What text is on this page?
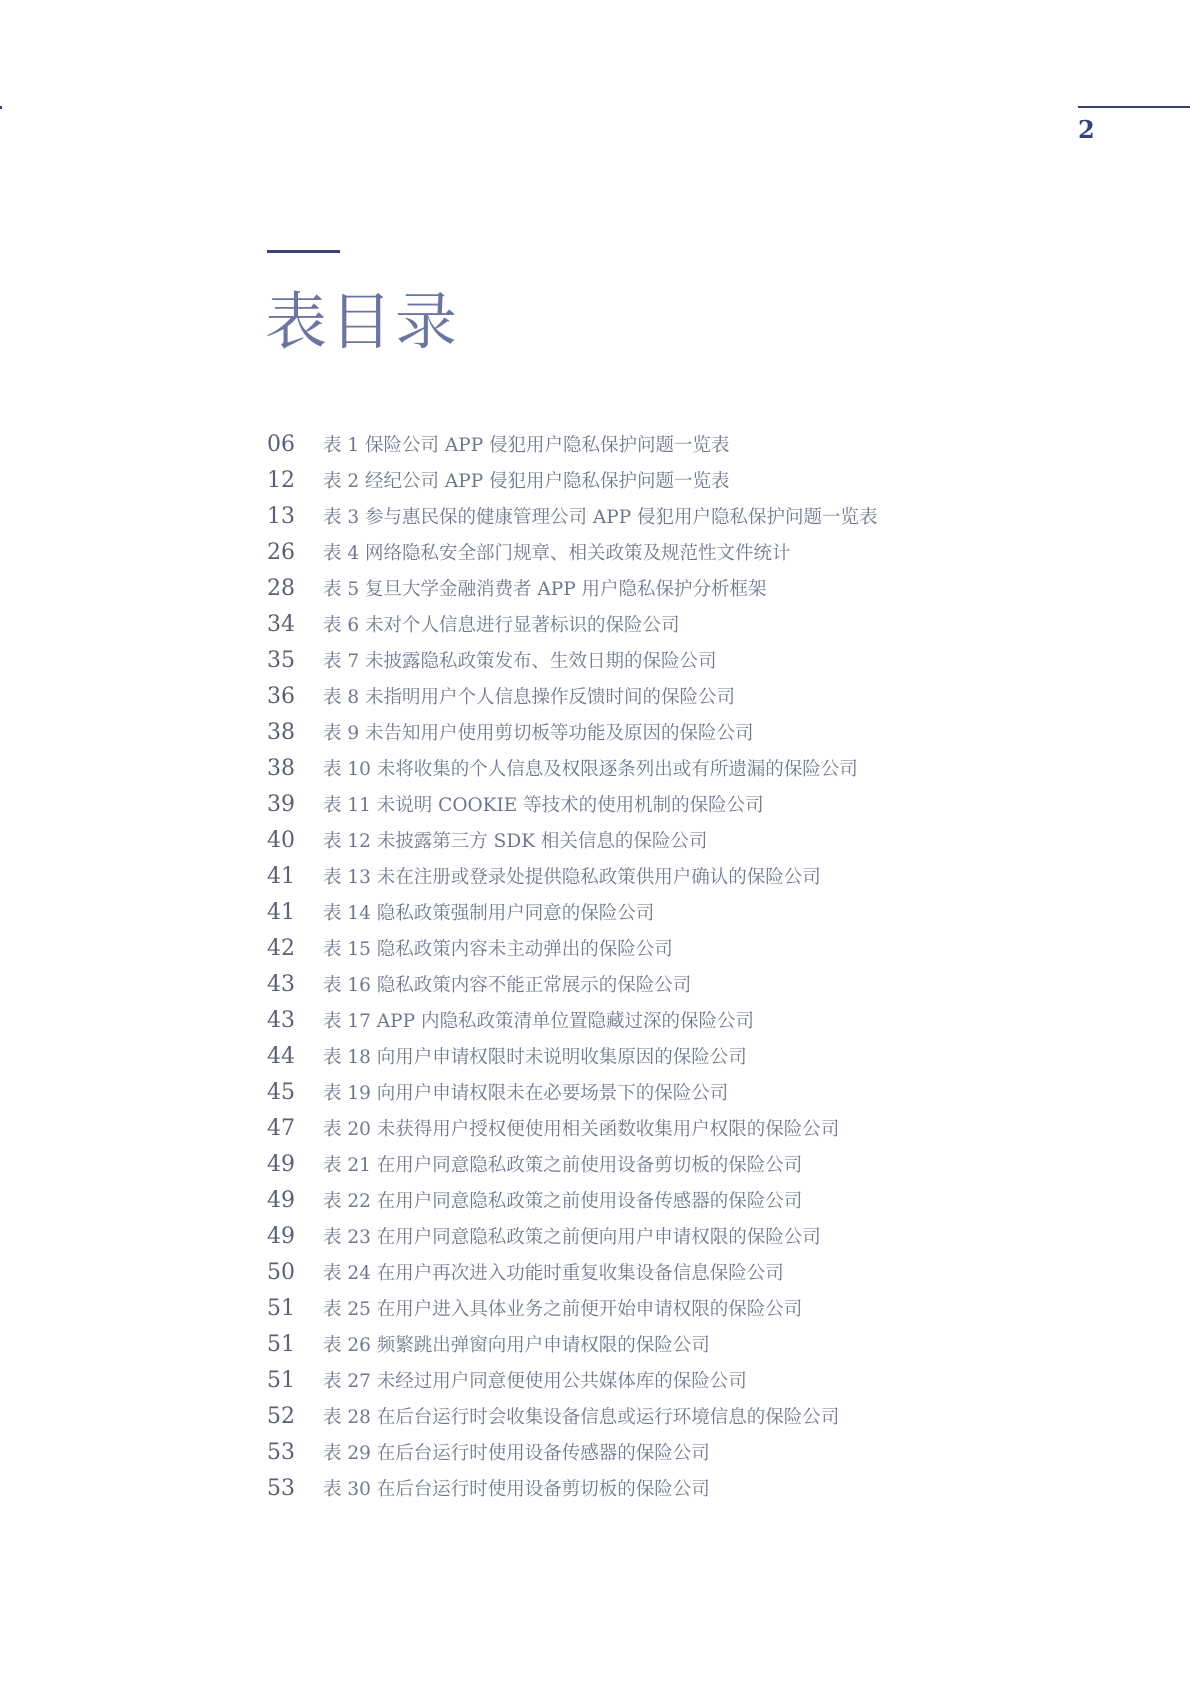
2
表目录
06	表 1 保险公司 APP 侵犯用户隐私保护问题一览表
12	表 2 经纪公司 APP 侵犯用户隐私保护问题一览表
13	表 3 参与惠民保的健康管理公司 APP 侵犯用户隐私保护问题一览表
26	表 4 网络隐私安全部门规章、相关政策及规范性文件统计
28	表 5 复旦大学金融消费者 APP 用户隐私保护分析框架
34	表 6 未对个人信息进行显著标识的保险公司
35	表 7 未披露隐私政策发布、生效日期的保险公司
36	表 8 未指明用户个人信息操作反馈时间的保险公司
38	表 9 未告知用户使用剪切板等功能及原因的保险公司
38	表 10 未将收集的个人信息及权限逐条列出或有所遗漏的保险公司
39	表 11 未说明 COOKIE 等技术的使用机制的保险公司
40	表 12 未披露第三方 SDK 相关信息的保险公司
41	表 13 未在注册或登录处提供隐私政策供用户确认的保险公司
41	表 14 隐私政策强制用户同意的保险公司
42	表 15 隐私政策内容未主动弹出的保险公司
43	表 16 隐私政策内容不能正常展示的保险公司
43	表 17 APP 内隐私政策清单位置隐藏过深的保险公司
44	表 18 向用户申请权限时未说明收集原因的保险公司
45	表 19 向用户申请权限未在必要场景下的保险公司
47	表 20 未获得用户授权便使用相关函数收集用户权限的保险公司
49	表 21 在用户同意隐私政策之前使用设备剪切板的保险公司
49	表 22 在用户同意隐私政策之前使用设备传感器的保险公司
49	表 23 在用户同意隐私政策之前便向用户申请权限的保险公司
50	表 24 在用户再次进入功能时重复收集设备信息保险公司
51	表 25 在用户进入具体业务之前便开始申请权限的保险公司
51	表 26 频繁跳出弹窗向用户申请权限的保险公司
51	表 27 未经过用户同意便使用公共媒体库的保险公司
52	表 28 在后台运行时会收集设备信息或运行环境信息的保险公司
53	表 29 在后台运行时使用设备传感器的保险公司
53	表 30 在后台运行时使用设备剪切板的保险公司
